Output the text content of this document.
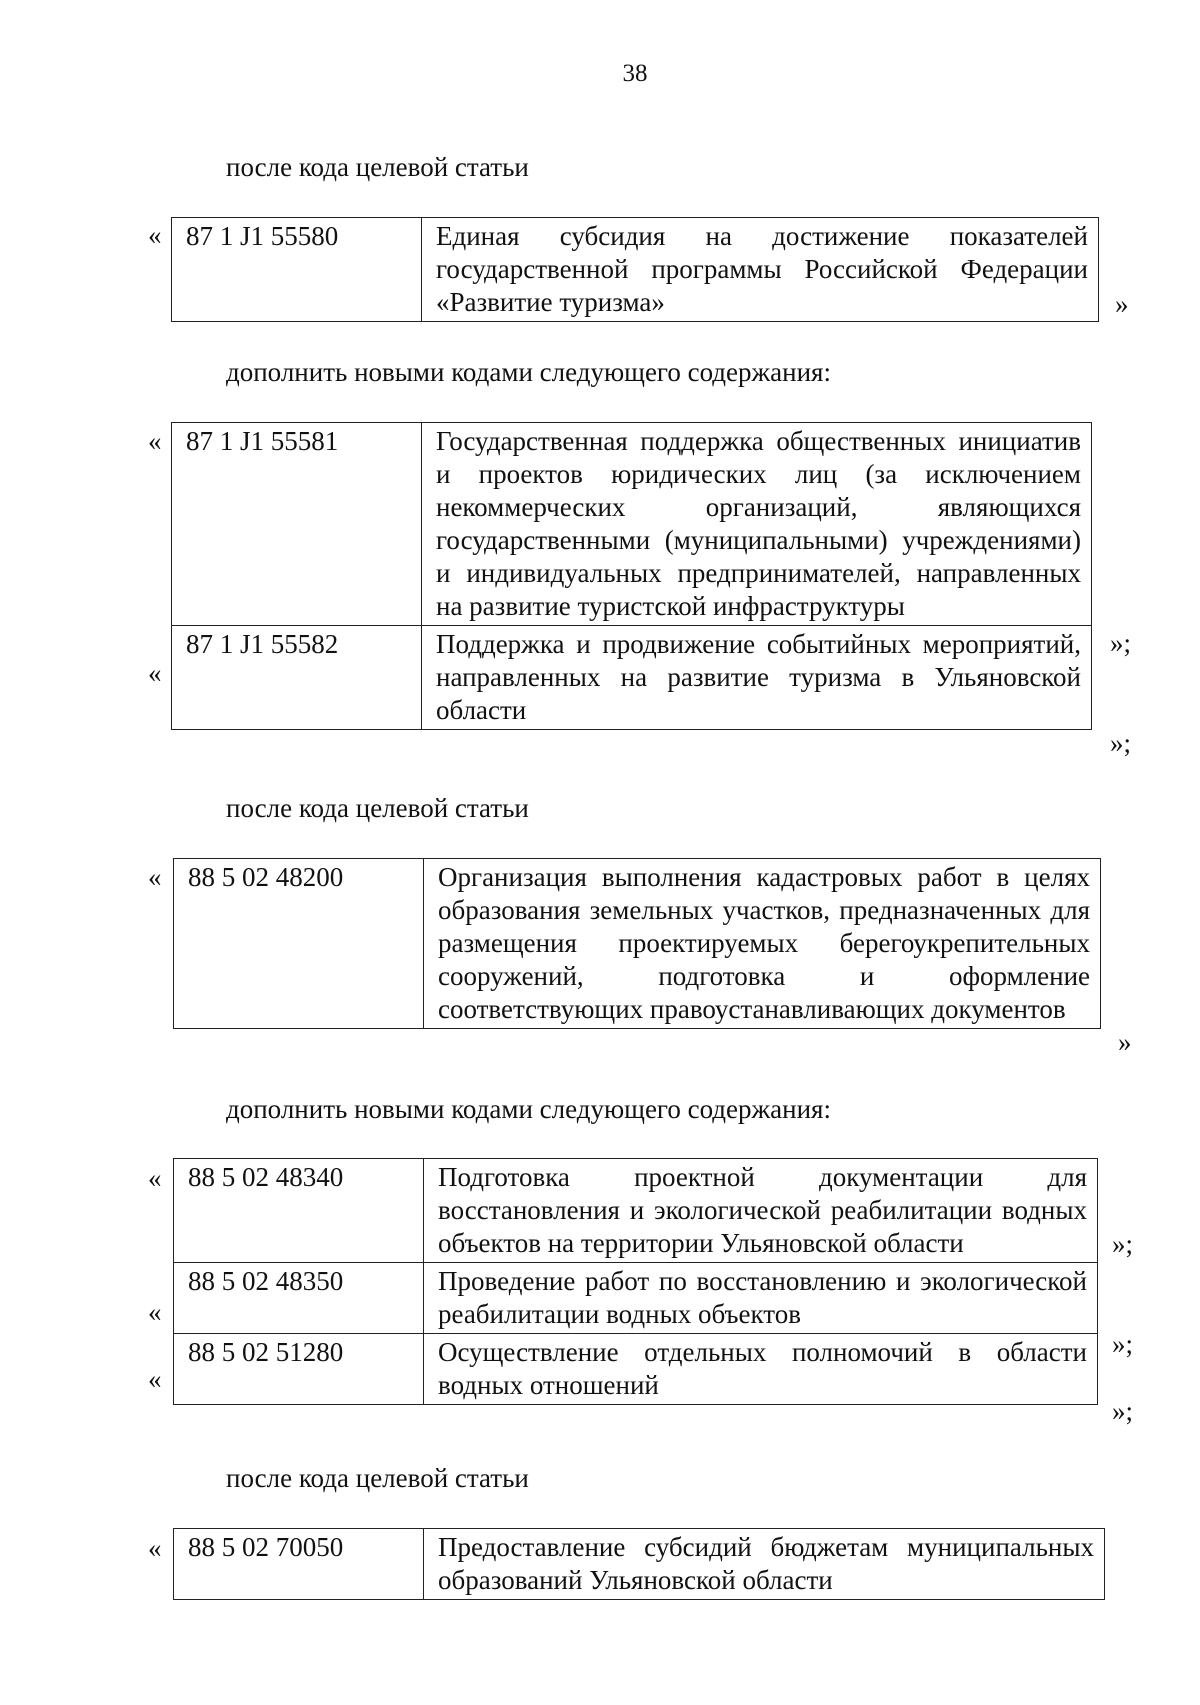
38
после кода целевой статьи
« 87 1 J1 55580	Единая субсидия на достижение показателей государственной программы Российской Федерации «Развитие туризма»	»
дополнить новыми кодами следующего содержания:
«
«
87 1 J1 55581	Государственная поддержка общественных инициатив и проектов юридических лиц (за исключением некоммерческих организаций, являющихся государственными (муниципальными) учреждениями) и индивидуальных предпринимателей, направленных на развитие туристской инфраструктуры
87 1 J1 55582	Поддержка и продвижение событийных мероприятий, направленных на развитие туризма в Ульяновской области
»;
»;
после кода целевой статьи
« 88 5 02 48200	Организация выполнения кадастровых работ в целях образования земельных участков, предназначенных для размещения проектируемых берегоукрепительных сооружений, подготовка и оформление соответствующих правоустанавливающих документов
»
дополнить новыми кодами следующего содержания:
«
«
«
88 5 02 48340	Подготовка проектной документации для восстановления и экологической реабилитации водных объектов на территории Ульяновской области
88 5 02 48350	Проведение работ по восстановлению и экологической реабилитации водных объектов
88 5 02 51280	Осуществление отдельных полномочий в области водных отношений
»;
»;
»;
после кода целевой статьи
« 88 5 02 70050	Предоставление субсидий бюджетам муниципальных образований Ульяновской области
